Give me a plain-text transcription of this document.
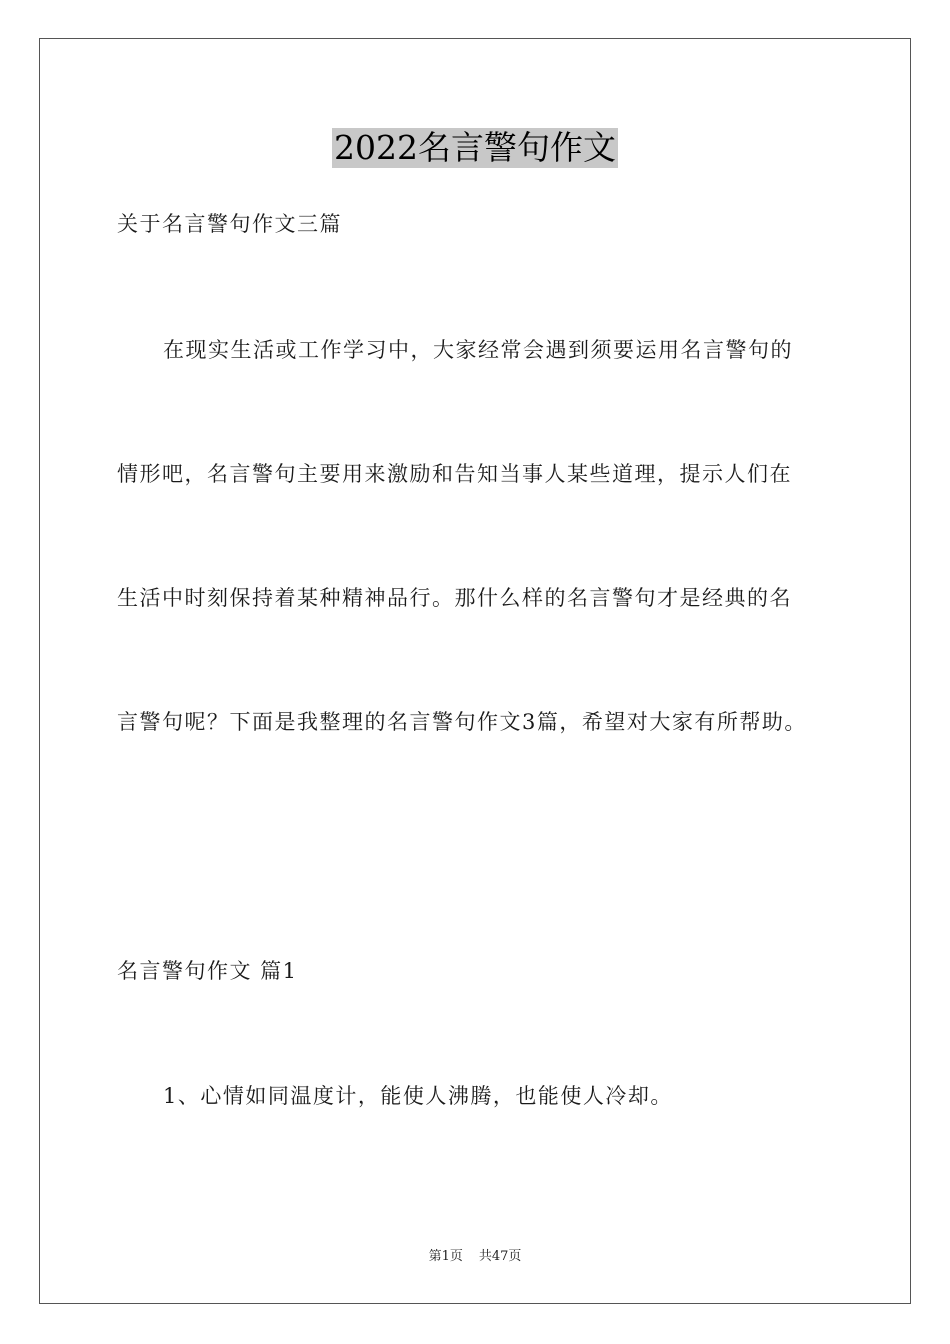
2022名言警句作文
关于名言警句作文三篇
在现实生活或工作学习中，大家经常会遇到须要运用名言警句的
情形吧，名言警句主要用来激励和告知当事人某些道理，提示人们在
生活中时刻保持着某种精神品行。那什么样的名言警句才是经典的名
言警句呢？下面是我整理的名言警句作文3篇，希望对大家有所帮助。
名言警句作文 篇1
1、心情如同温度计，能使人沸腾，也能使人冷却。
第1页 共47页
